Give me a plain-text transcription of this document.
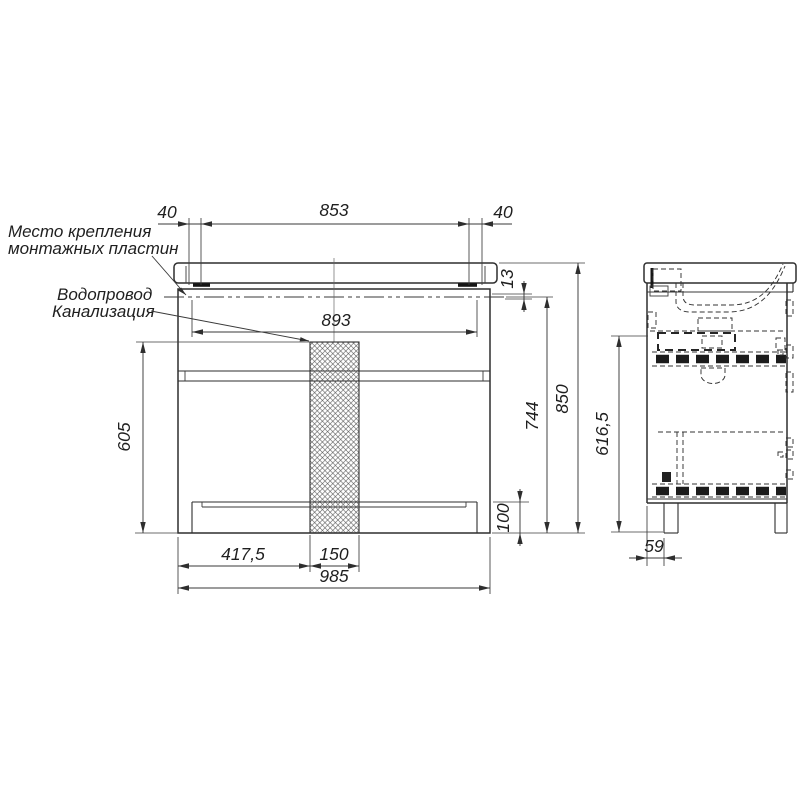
40	853	40
893
605
744
850
13
100
417,5	150
985
Место крепления
монтажных пластин
Водопровод
Канализация
616,5
59
